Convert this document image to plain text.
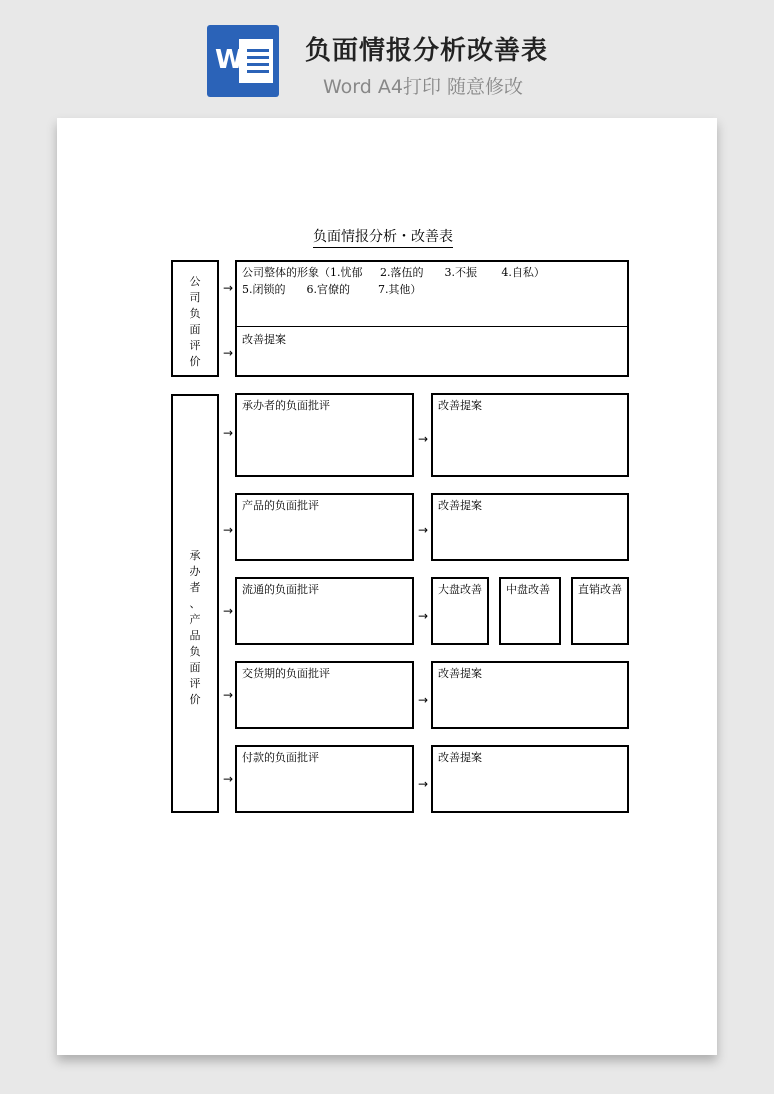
W 负面情报分析改善表
Word A4打印 随意修改
负面情报分析・改善表
公
司
负
面
评
价
→
→
公司整体的形象（1.忧郁     2.落伍的      3.不振       4.自私）
5.闭锁的      6.官僚的        7.其他）
改善提案
承
办
者
、
产
品
负
面
评
价
→
承办者的负面批评
→
改善提案
→
产品的负面批评
→
改善提案
→
流通的负面批评
→
大盘改善 中盘改善	直销改善
→
交货期的负面批评
→
改善提案
→
付款的负面批评
→
改善提案
